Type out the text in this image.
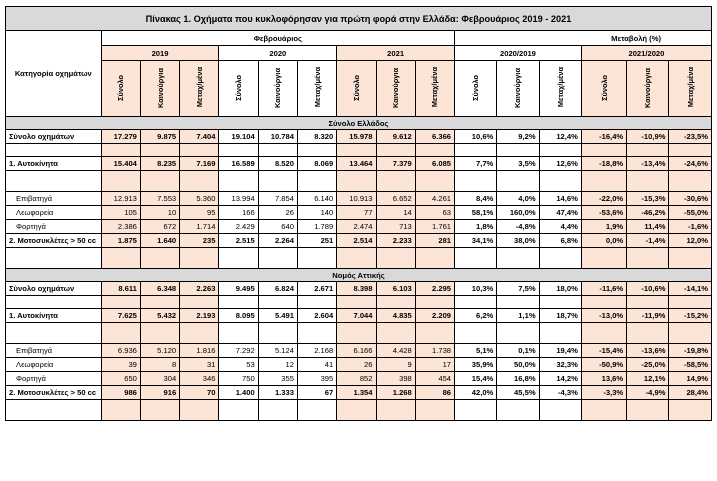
Πίνακας 1. Οχήματα που κυκλοφόρησαν για πρώτη φορά στην Ελλάδα: Φεβρουάριος 2019 - 2021															
Κατηγορία οχημάτων	Φεβρουάριος									Μεταβολή (%)					
	2019			2020			2021			2020/2019			2021/2020		
	Σύνολο	Καινούργια	Μεταχ/μένα	Σύνολο	Καινούργια	Μεταχ/μένα	Σύνολο	Καινούργια	Μεταχ/μένα	Σύνολο	Καινούργια	Μεταχ/μένα	Σύνολο	Καινούργια	Μεταχ/μένα
Σύνολο Ελλάδος															
Σύνολο οχημάτων	17.279	9.875	7.404	19.104	10.784	8.320	15.978	9.612	6.366	10,6%	9,2%	12,4%	-16,4%	-10,9%	-23,5%

1. Αυτοκίνητα	15.404	8.235	7.169	16.589	8.520	8.069	13.464	7.379	6.085	7,7%	3,5%	12,6%	-18,8%	-13,4%	-24,6%

Επιβατηγά	12.913	7.553	5.360	13.994	7.854	6.140	10.913	6.652	4.261	8,4%	4,0%	14,6%	-22,0%	-15,3%	-30,6%
Λεωφορεία	105	10	95	166	26	140	77	14	63	58,1%	160,0%	47,4%	-53,6%	-46,2%	-55,0%
Φορτηγά	2.386	672	1.714	2.429	640	1.789	2.474	713	1.761	1,8%	-4,8%	4,4%	1,9%	11,4%	-1,6%
2. Μοτοσυκλέτες > 50 cc	1.875	1.640	235	2.515	2.264	251	2.514	2.233	281	34,1%	38,0%	6,8%	0,0%	-1,4%	12,0%

Νομός Αττικής															
Σύνολο οχημάτων	8.611	6.348	2.263	9.495	6.824	2.671	8.398	6.103	2.295	10,3%	7,5%	18,0%	-11,6%	-10,6%	-14,1%

1. Αυτοκίνητα	7.625	5.432	2.193	8.095	5.491	2.604	7.044	4.835	2.209	6,2%	1,1%	18,7%	-13,0%	-11,9%	-15,2%

Επιβατηγά	6.936	5.120	1.816	7.292	5.124	2.168	6.166	4.428	1.738	5,1%	0,1%	19,4%	-15,4%	-13,6%	-19,8%
Λεωφορεία	39	8	31	53	12	41	26	9	17	35,9%	50,0%	32,3%	-50,9%	-25,0%	-58,5%
Φορτηγά	650	304	346	750	355	395	852	398	454	15,4%	16,8%	14,2%	13,6%	12,1%	14,9%
2. Μοτοσυκλέτες > 50 cc	986	916	70	1.400	1.333	67	1.354	1.268	86	42,0%	45,5%	-4,3%	-3,3%	-4,9%	28,4%
